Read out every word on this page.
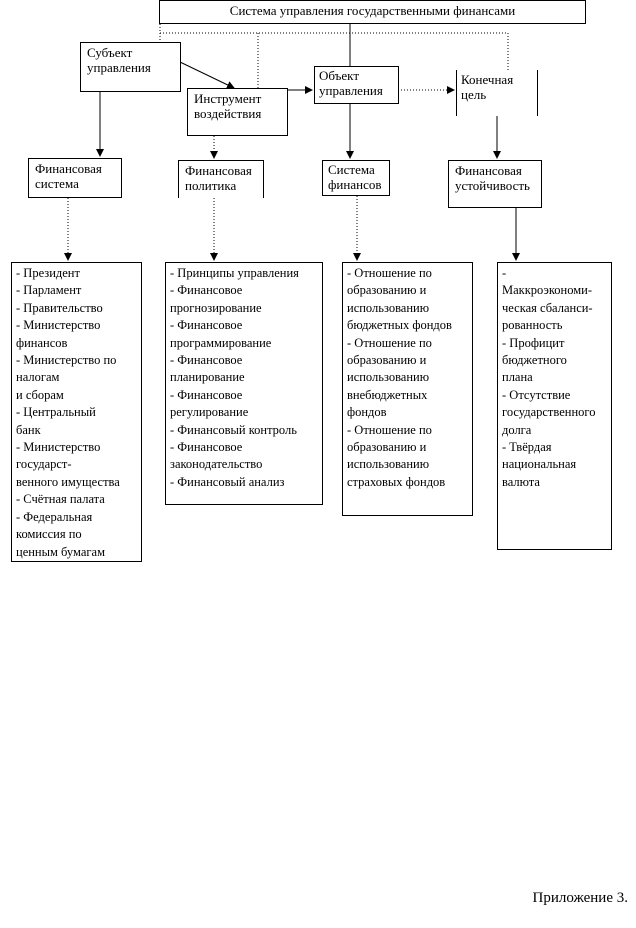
Система управления государственными финансами
Субъект
управления
Инструмент
воздействия
Объект
управления
Конечная
цель
Финансовая
система
Финансовая
политика
Система
финансов
Финансовая
устойчивость
- Президент
- Парламент
- Правительство
- Министерство
финансов
- Министерство по
налогам
и сборам
- Центральный
банк
- Министерство
государст-
венного имущества
- Счётная палата
- Федеральная
комиссия по
ценным бумагам
- Принципы управления
- Финансовое
прогнозирование
- Финансовое
программирование
- Финансовое
планирование
- Финансовое
регулирование
- Финансовый контроль
- Финансовое
законодательство
- Финансовый анализ
- Отношение по
образованию и
использованию
бюджетных фондов
- Отношение по
образованию и
использованию
внебюджетных
фондов
- Отношение по
образованию и
использованию
страховых фондов
-
Маккроэкономи-
ческая сбаланси-
рованность
- Профицит
бюджетного
плана
- Отсутствие
государственного
долга
- Твёрдая
национальная
валюта
Приложение 3.
